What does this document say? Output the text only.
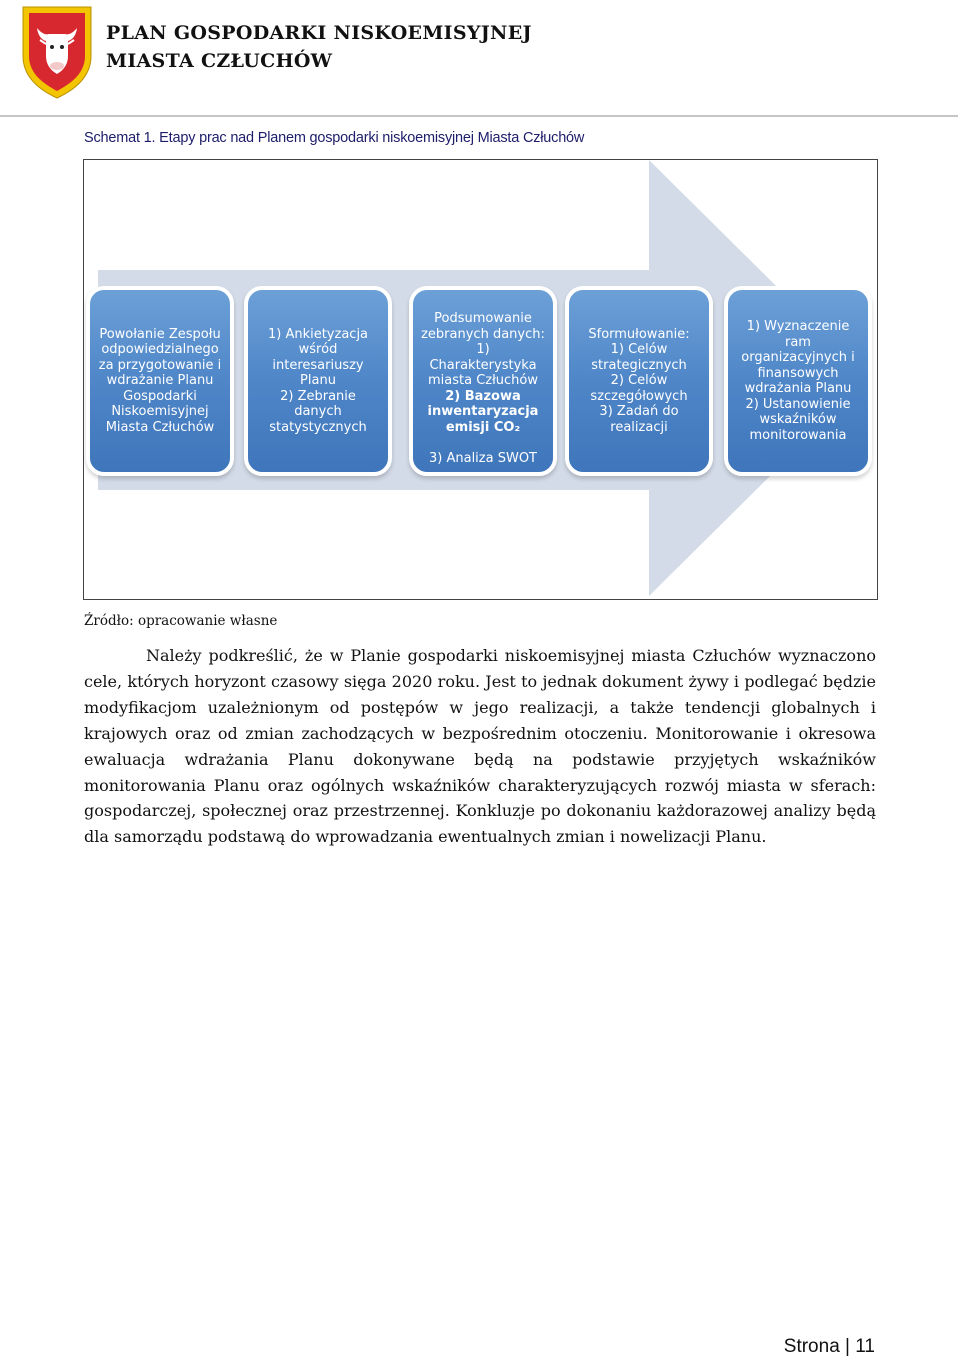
PLAN GOSPODARKI NISKOEMISYJNEJ
MIASTA CZŁUCHÓW
Schemat 1. Etapy prac nad Planem gospodarki niskoemisyjnej Miasta Człuchów
Powołanie Zespołu odpowiedzialnego za przygotowanie i wdrażanie Planu Gospodarki Niskoemisyjnej Miasta Człuchów
1) Ankietyzacja wśród interesariuszy Planu
2) Zebranie danych statystycznych

Podsumowanie zebranych danych:
1) Charakterystyka miasta Człuchów

2) Bazowa inwentaryzacja emisji CO₂

3) Analiza SWOT

Sformułowanie:
1) Celów strategicznych
2) Celów szczegółowych
3) Zadań do realizacji
1) Wyznaczenie ram organizacyjnych i finansowych wdrażania Planu
2) Ustanowienie wskaźników monitorowania
Źródło: opracowanie własne

Należy podkreślić, że w Planie gospodarki niskoemisyjnej miasta Człuchów wyznaczono cele, których horyzont czasowy sięga 2020 roku. Jest to jednak dokument żywy i podlegać będzie modyfikacjom uzależnionym od postępów w jego realizacji, a także tendencji globalnych i krajowych oraz od zmian zachodzących w bezpośrednim otoczeniu. Monitorowanie i okresowa ewaluacja wdrażania Planu dokonywane będą na podstawie przyjętych wskaźników monitorowania Planu oraz ogólnych wskaźników charakteryzujących rozwój miasta w sferach: gospodarczej, społecznej oraz przestrzennej. Konkluzje po dokonaniu każdorazowej analizy będą dla samorządu podstawą do wprowadzania ewentualnych zmian i nowelizacji Planu.

Strona | 11
